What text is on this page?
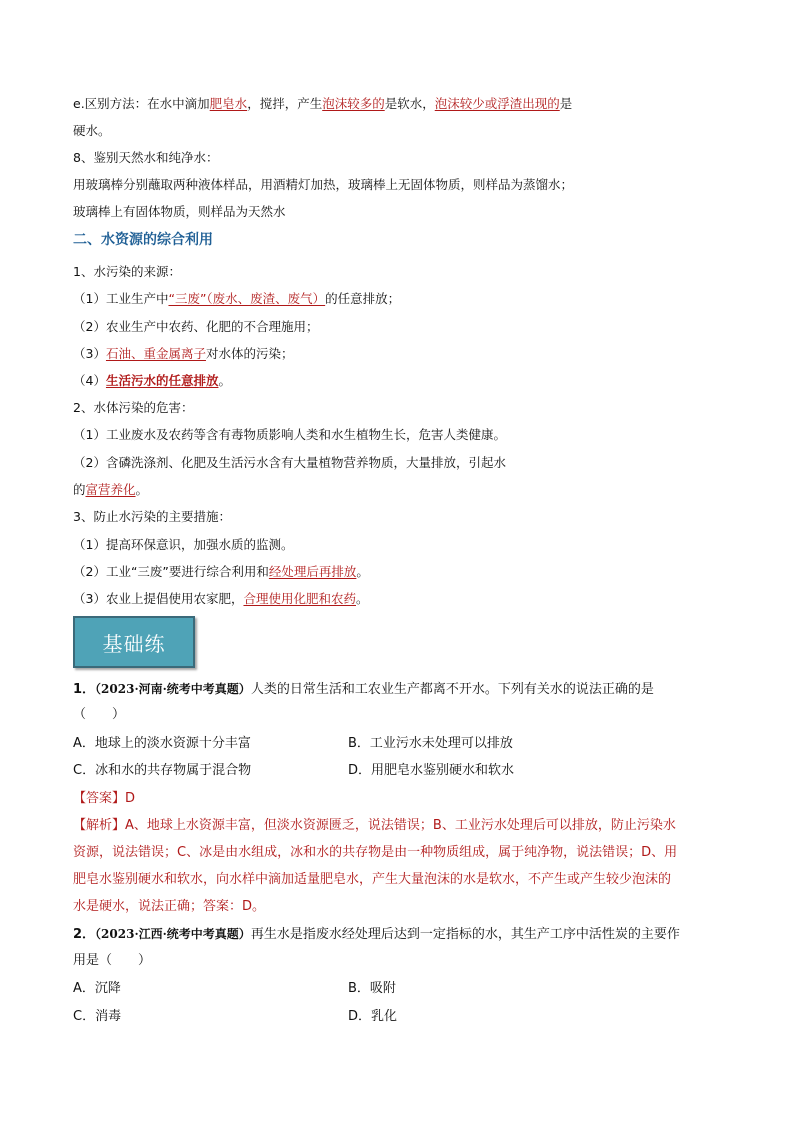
e.区别方法：在水中滴加肥皂水，搅拌，产生泡沫较多的是软水，泡沫较少或浮渣出现的是
硬水。
8、鉴别天然水和纯净水：
用玻璃棒分别蘸取两种液体样品，用酒精灯加热，玻璃棒上无固体物质，则样品为蒸馏水；
玻璃棒上有固体物质，则样品为天然水
二、水资源的综合利用
1、水污染的来源：
（1）工业生产中“三废”（废水、废渣、废气）的任意排放；
（2）农业生产中农药、化肥的不合理施用；
（3）石油、重金属离子对水体的污染；
（4）生活污水的任意排放。
2、水体污染的危害：
（1）工业废水及农药等含有毒物质影响人类和水生植物生长，危害人类健康。
（2）含磷洗涤剂、化肥及生活污水含有大量植物营养物质，大量排放，引起水
的富营养化。
3、防止水污染的主要措施：
（1）提高环保意识，加强水质的监测。
（2）工业“三废”要进行综合利用和经处理后再排放。
（3）农业上提倡使用农家肥，合理使用化肥和农药。
基础练
1．（2023·河南·统考中考真题）人类的日常生活和工农业生产都离不开水。下列有关水的说法正确的是
（　　）
A．地球上的淡水资源十分丰富	B．工业污水未处理可以排放
C．冰和水的共存物属于混合物	D．用肥皂水鉴别硬水和软水
【答案】D
【解析】A、地球上水资源丰富，但淡水资源匮乏，说法错误；B、工业污水处理后可以排放，防止污染水
资源，说法错误；C、冰是由水组成，冰和水的共存物是由一种物质组成，属于纯净物，说法错误；D、用
肥皂水鉴别硬水和软水，向水样中滴加适量肥皂水，产生大量泡沫的水是软水，不产生或产生较少泡沫的
水是硬水，说法正确；答案：D。
2．（2023·江西·统考中考真题）再生水是指废水经处理后达到一定指标的水，其生产工序中活性炭的主要作
用是（　　）
A．沉降	B．吸附
C．消毒	D．乳化
